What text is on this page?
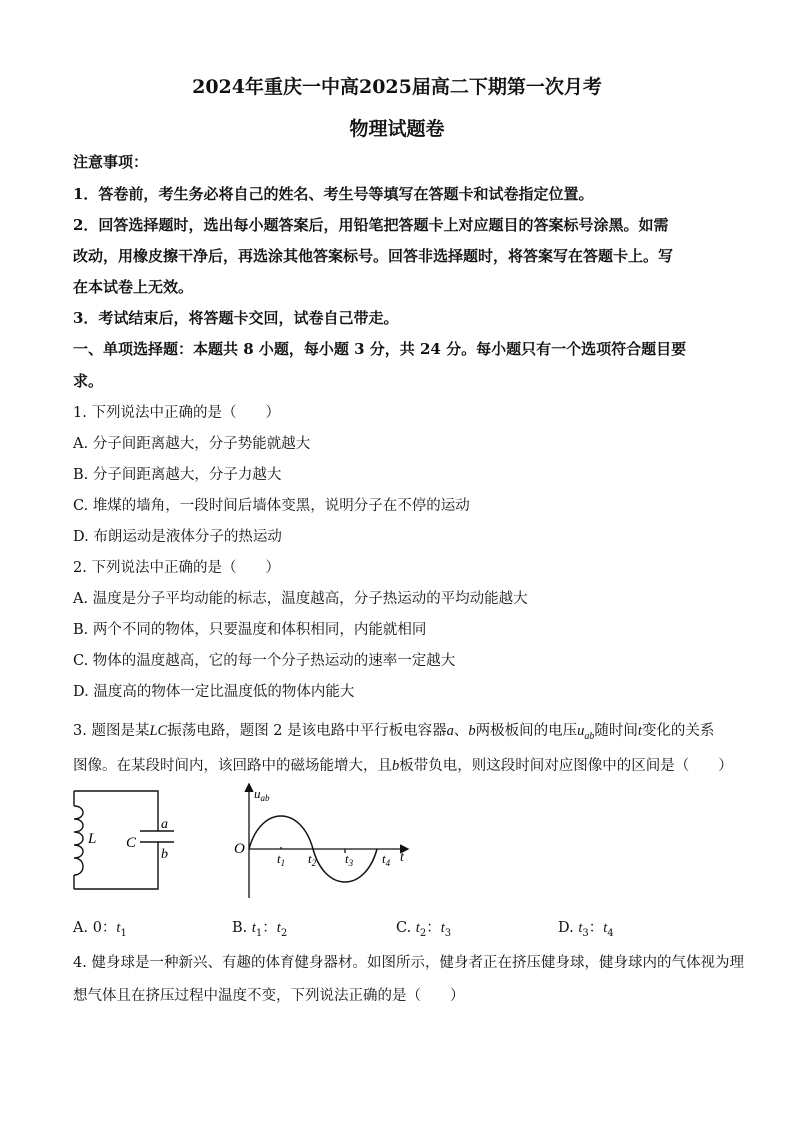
2024年重庆一中高2025届高二下期第一次月考
物理试题卷
注意事项：
1．答卷前，考生务必将自己的姓名、考生号等填写在答题卡和试卷指定位置。
2．回答选择题时，选出每小题答案后，用铅笔把答题卡上对应题目的答案标号涂黑。如需
改动，用橡皮擦干净后，再选涂其他答案标号。回答非选择题时，将答案写在答题卡上。写
在本试卷上无效。
3．考试结束后，将答题卡交回，试卷自己带走。
一、单项选择题：本题共 8 小题，每小题 3 分，共 24 分。每小题只有一个选项符合题目要
求。
1. 下列说法中正确的是（　　）
A. 分子间距离越大，分子势能就越大
B. 分子间距离越大，分子力越大
C. 堆煤的墙角，一段时间后墙体变黑，说明分子在不停的运动
D. 布朗运动是液体分子的热运动
2. 下列说法中正确的是（　　）
A. 温度是分子平均动能的标志，温度越高，分子热运动的平均动能越大
B. 两个不同的物体，只要温度和体积相同，内能就相同
C. 物体的温度越高，它的每一个分子热运动的速率一定越大
D. 温度高的物体一定比温度低的物体内能大
3. 题图是某LC振荡电路，题图 2 是该电路中平行板电容器a、b两极板间的电压$u_{ab}$随时间t变化的关系
图像。在某段时间内，该回路中的磁场能增大，且b板带负电，则这段时间对应图像中的区间是（　　）
L C
a
b
$u_{ab}$
O
t
$t_1$ $t_2$ $t_3$ $t_4$
A. 0：$t_1$	B. $t_1$：$t_2$	C. $t_2$：$t_3$	D. $t_3$：$t_4$
4. 健身球是一种新兴、有趣的体育健身器材。如图所示，健身者正在挤压健身球，健身球内的气体视为理
想气体且在挤压过程中温度不变，下列说法正确的是（　　）
